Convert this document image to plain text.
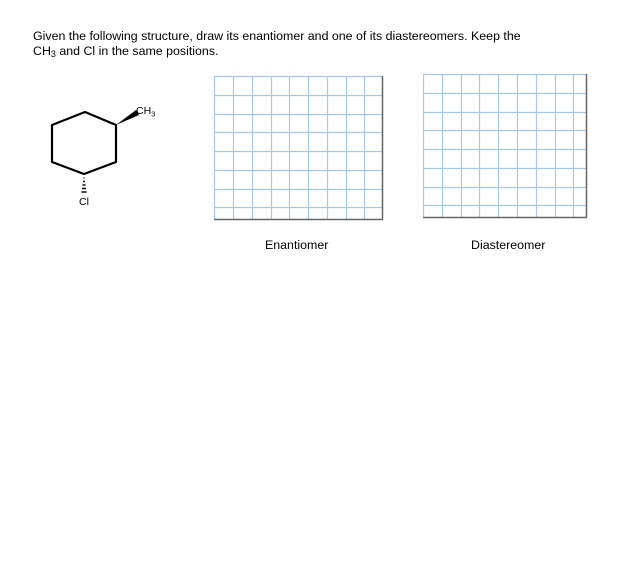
Given the following structure, draw its enantiomer and one of its diastereomers. Keep the
$CH_3$ and Cl in the same positions.
$CH_3$
Cl
Enantiomer	Diastereomer
